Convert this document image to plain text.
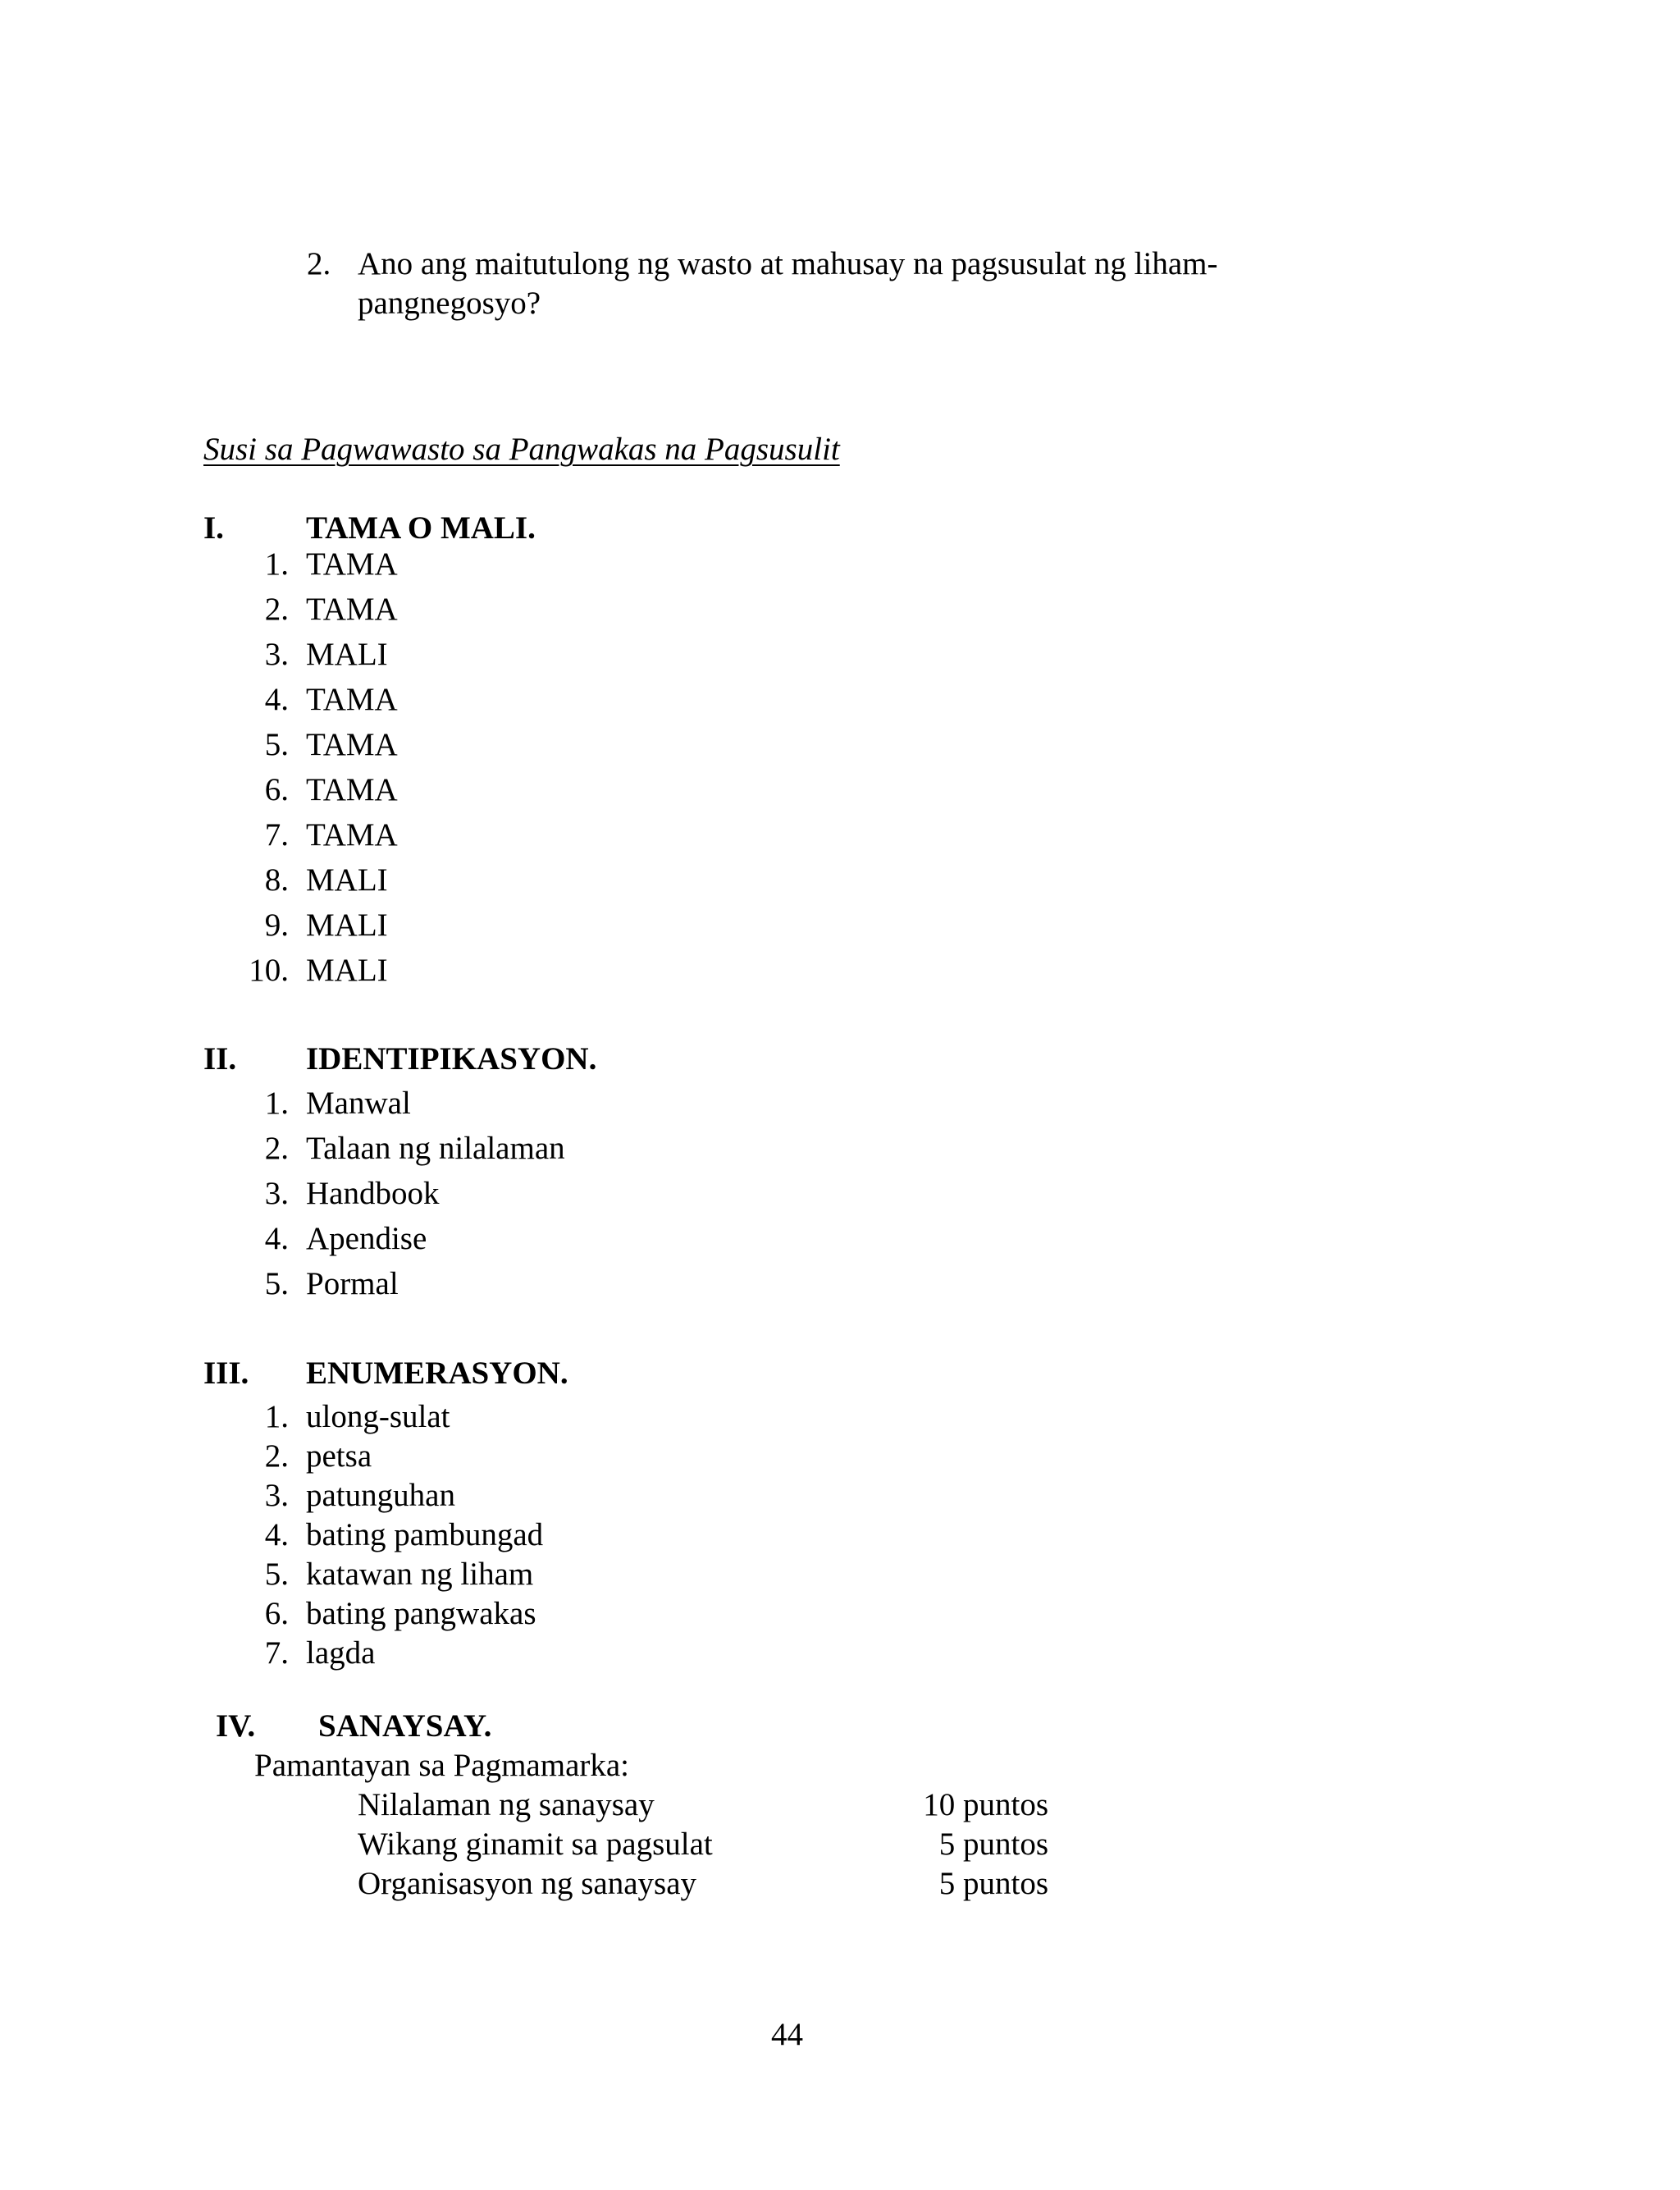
2. Ano ang maitutulong ng wasto at mahusay na pagsusulat ng liham-
pangnegosyo?
Susi sa Pagwawasto sa Pangwakas na Pagsusulit
I.	TAMA O MALI.
1. TAMA
2. TAMA
3. MALI
4. TAMA
5. TAMA
6. TAMA
7. TAMA
8. MALI
9. MALI
10. MALI
II. IDENTIPIKASYON.
1. Manwal
2. Talaan ng nilalaman
3. Handbook
4. Apendise
5. Pormal
III. ENUMERASYON.
1. ulong-sulat
2. petsa
3. patunguhan
4. bating pambungad
5. katawan ng liham
6. bating pangwakas
7. lagda
IV. SANAYSAY.
Pamantayan sa Pagmamarka:
Nilalaman ng sanaysay	10 puntos
Wikang ginamit sa pagsulat	5 puntos
Organisasyon ng sanaysay	5 puntos
44
